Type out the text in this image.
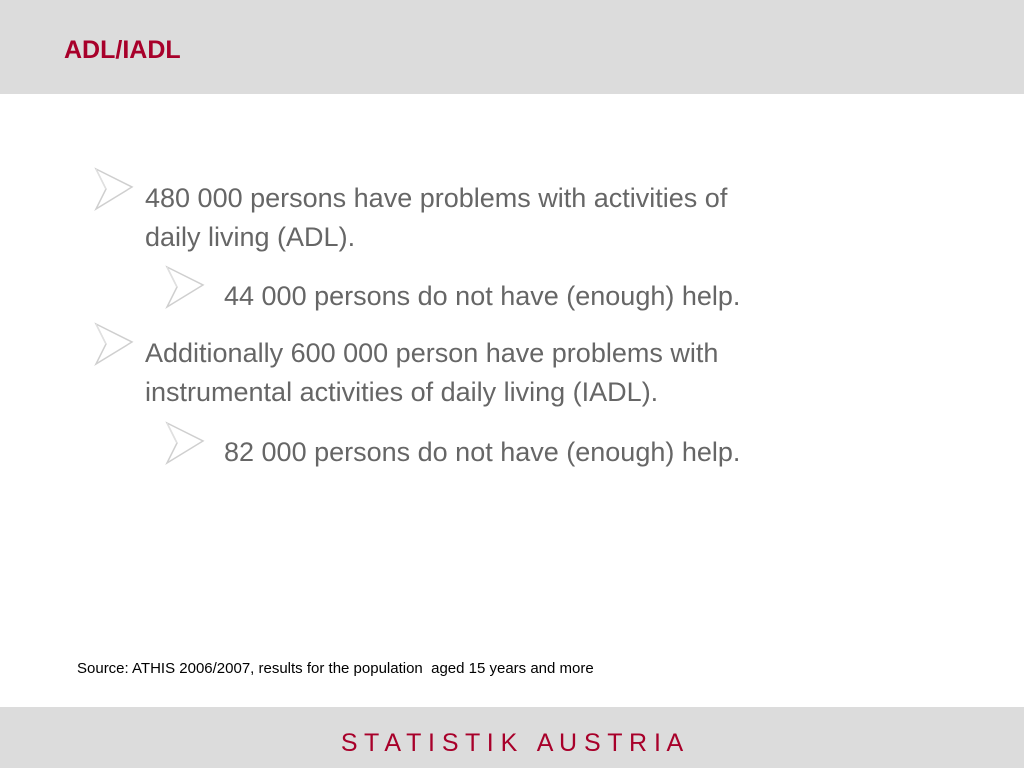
ADL/IADL
480 000 persons have problems with activities of
daily living (ADL).
44 000 persons do not have (enough) help.
Additionally 600 000 person have problems with
instrumental activities of daily living (IADL).
82 000 persons do not have (enough) help.
Source: ATHIS 2006/2007, results for the population  aged 15 years and more
S T A T I S T I K   A U S T R I A
